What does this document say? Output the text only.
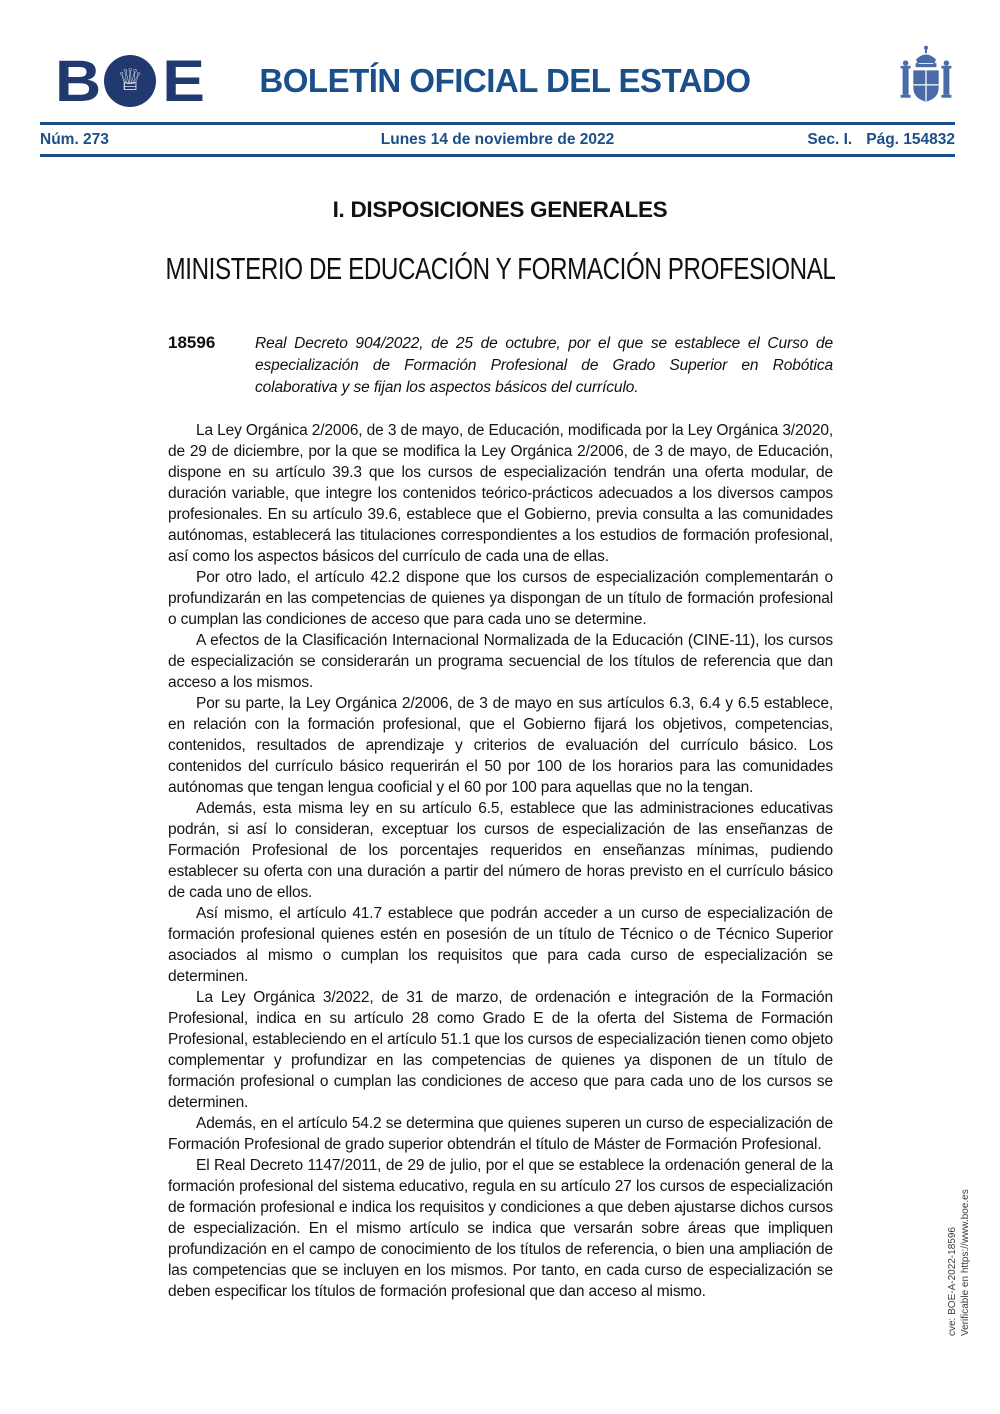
B ♕ E	BOLETÍN OFICIAL DEL ESTADO
Núm. 273	Lunes 14 de noviembre de 2022	Sec. I. Pág. 154832
I. DISPOSICIONES GENERALES
MINISTERIO DE EDUCACIÓN Y FORMACIÓN PROFESIONAL
18596	Real Decreto 904/2022, de 25 de octubre, por el que se establece el Curso de especialización de Formación Profesional de Grado Superior en Robótica colaborativa y se fijan los aspectos básicos del currículo.

La Ley Orgánica 2/2006, de 3 de mayo, de Educación, modificada por la Ley Orgánica 3/2020, de 29 de diciembre, por la que se modifica la Ley Orgánica 2/2006, de 3 de mayo, de Educación, dispone en su artículo 39.3 que los cursos de especialización tendrán una oferta modular, de duración variable, que integre los contenidos teórico-prácticos adecuados a los diversos campos profesionales. En su artículo 39.6, establece que el Gobierno, previa consulta a las comunidades autónomas, establecerá las titulaciones correspondientes a los estudios de formación profesional, así como los aspectos básicos del currículo de cada una de ellas.

Por otro lado, el artículo 42.2 dispone que los cursos de especialización complementarán o profundizarán en las competencias de quienes ya dispongan de un título de formación profesional o cumplan las condiciones de acceso que para cada uno se determine.

A efectos de la Clasificación Internacional Normalizada de la Educación (CINE-11), los cursos de especialización se considerarán un programa secuencial de los títulos de referencia que dan acceso a los mismos.

Por su parte, la Ley Orgánica 2/2006, de 3 de mayo en sus artículos 6.3, 6.4 y 6.5 establece, en relación con la formación profesional, que el Gobierno fijará los objetivos, competencias, contenidos, resultados de aprendizaje y criterios de evaluación del currículo básico. Los contenidos del currículo básico requerirán el 50 por 100 de los horarios para las comunidades autónomas que tengan lengua cooficial y el 60 por 100 para aquellas que no la tengan.

Además, esta misma ley en su artículo 6.5, establece que las administraciones educativas podrán, si así lo consideran, exceptuar los cursos de especialización de las enseñanzas de Formación Profesional de los porcentajes requeridos en enseñanzas mínimas, pudiendo establecer su oferta con una duración a partir del número de horas previsto en el currículo básico de cada uno de ellos.

Así mismo, el artículo 41.7 establece que podrán acceder a un curso de especialización de formación profesional quienes estén en posesión de un título de Técnico o de Técnico Superior asociados al mismo o cumplan los requisitos que para cada curso de especialización se determinen.

La Ley Orgánica 3/2022, de 31 de marzo, de ordenación e integración de la Formación Profesional, indica en su artículo 28 como Grado E de la oferta del Sistema de Formación Profesional, estableciendo en el artículo 51.1 que los cursos de especialización tienen como objeto complementar y profundizar en las competencias de quienes ya disponen de un título de formación profesional o cumplan las condiciones de acceso que para cada uno de los cursos se determinen.

Además, en el artículo 54.2 se determina que quienes superen un curso de especialización de Formación Profesional de grado superior obtendrán el título de Máster de Formación Profesional.

El Real Decreto 1147/2011, de 29 de julio, por el que se establece la ordenación general de la formación profesional del sistema educativo, regula en su artículo 27 los cursos de especialización de formación profesional e indica los requisitos y condiciones a que deben ajustarse dichos cursos de especialización. En el mismo artículo se indica que versarán sobre áreas que impliquen profundización en el campo de conocimiento de los títulos de referencia, o bien una ampliación de las competencias que se incluyen en los mismos. Por tanto, en cada curso de especialización se deben especificar los títulos de formación profesional que dan acceso al mismo.	cve: BOE-A-2022-18596 Verificable en https://www.boe.es
